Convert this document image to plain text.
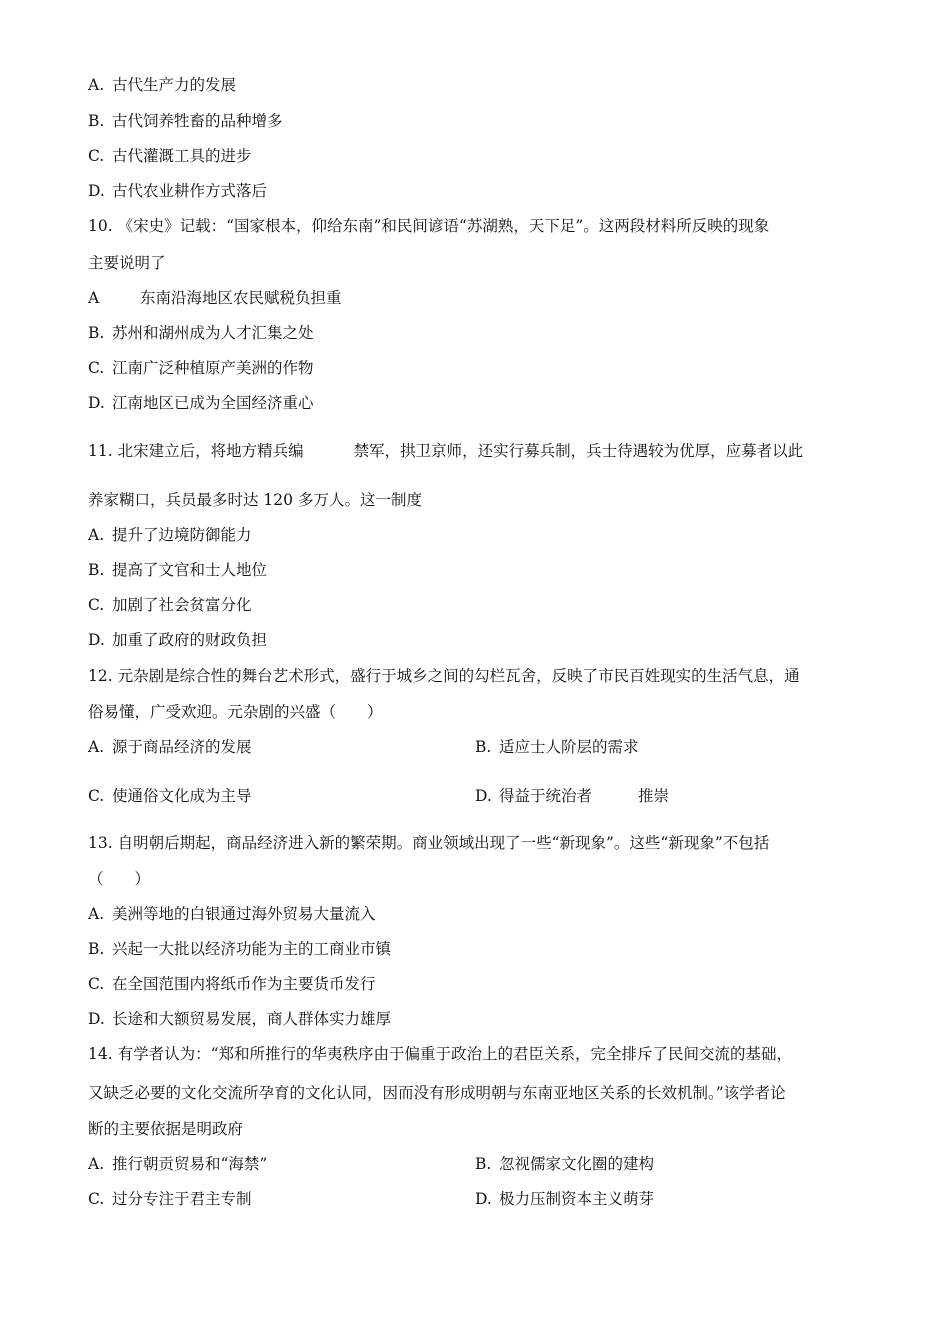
A. 古代生产力的发展
B. 古代饲养牲畜的品种增多
C. 古代灌溉工具的进步
D. 古代农业耕作方式落后
10. 《宋史》记载：“国家根本，仰给东南”和民间谚语“苏湖熟，天下足”。这两段材料所反映的现象
主要说明了
A	东南沿海地区农民赋税负担重
B. 苏州和湖州成为人才汇集之处
C. 江南广泛种植原产美洲的作物
D. 江南地区已成为全国经济重心
11. 北宋建立后，将地方精兵编	禁军，拱卫京师，还实行募兵制，兵士待遇较为优厚，应募者以此
养家糊口，兵员最多时达 120 多万人。这一制度
A. 提升了边境防御能力
B. 提高了文官和士人地位
C. 加剧了社会贫富分化
D. 加重了政府的财政负担
12. 元杂剧是综合性的舞台艺术形式，盛行于城乡之间的勾栏瓦舍，反映了市民百姓现实的生活气息，通
俗易懂，广受欢迎。元杂剧的兴盛（　　）
A. 源于商品经济的发展	B. 适应士人阶层的需求
C. 使通俗文化成为主导	D. 得益于统治者	推崇
13. 自明朝后期起，商品经济进入新的繁荣期。商业领域出现了一些“新现象”。这些“新现象”不包括
（　　）
A. 美洲等地的白银通过海外贸易大量流入
B. 兴起一大批以经济功能为主的工商业市镇
C. 在全国范围内将纸币作为主要货币发行
D. 长途和大额贸易发展，商人群体实力雄厚
14. 有学者认为：“郑和所推行的华夷秩序由于偏重于政治上的君臣关系，完全排斥了民间交流的基础，
又缺乏必要的文化交流所孕育的文化认同，因而没有形成明朝与东南亚地区关系的长效机制。”该学者论
断的主要依据是明政府
A. 推行朝贡贸易和“海禁”	B. 忽视儒家文化圈的建构
C. 过分专注于君主专制	D. 极力压制资本主义萌芽
